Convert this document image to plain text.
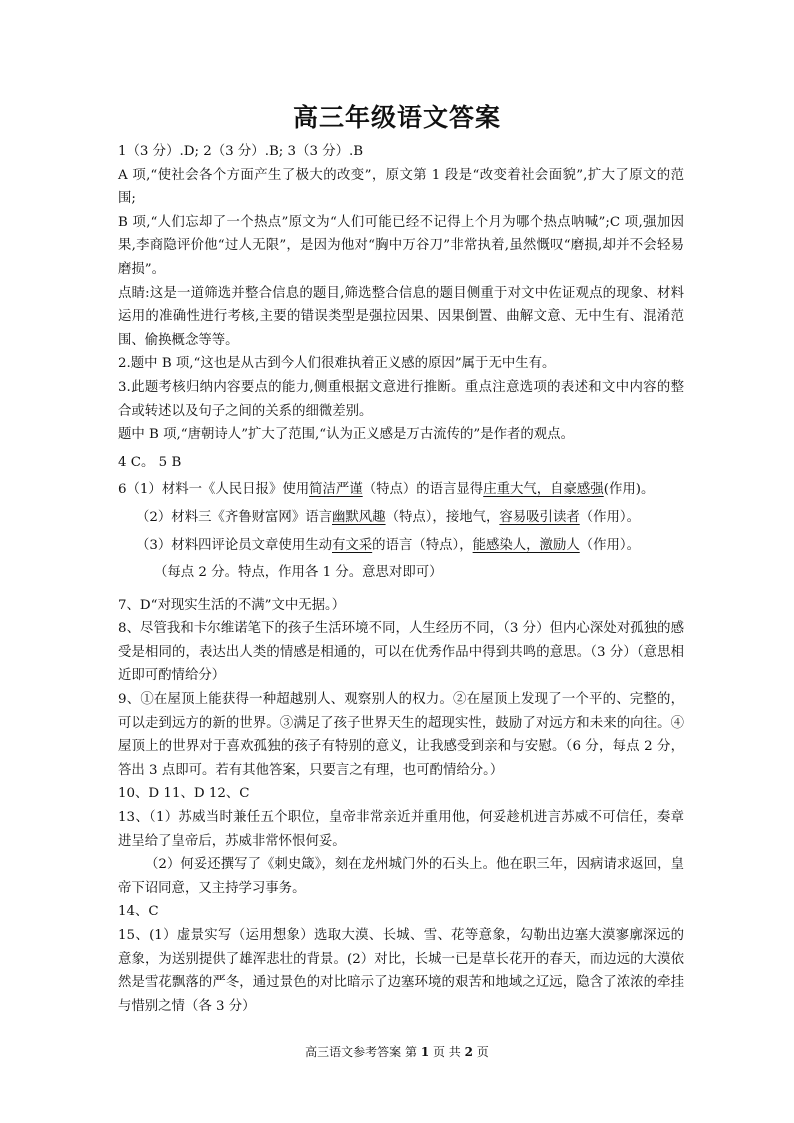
高三年级语文答案

1（3 分）.D; 2（3 分）.B; 3（3 分）.B

A 项,“使社会各个方面产生了极大的改变”，原文第 1 段是“改变着社会面貌”,扩大了原文的范围;

B 项,“人们忘却了一个热点”原文为“人们可能已经不记得上个月为哪个热点呐喊”;C 项,强加因果,李商隐评价他“过人无限”，是因为他对“胸中万谷刀”非常执着,虽然慨叹“磨损,却并不会轻易磨损”。

点睛:这是一道筛选并整合信息的题目,筛选整合信息的题目侧重于对文中佐证观点的现象、材料运用的准确性进行考核,主要的错误类型是强拉因果、因果倒置、曲解文意、无中生有、混淆范围、偷换概念等等。

2.题中 B 项,“这也是从古到今人们很难执着正义感的原因”属于无中生有。

3.此题考核归纳内容要点的能力,侧重根据文意进行推断。重点注意选项的表述和文中内容的整合或转述以及句子之间的关系的细微差别。

题中 B 项,“唐朝诗人”扩大了范围,“认为正义感是万古流传的”是作者的观点。

4 C。 5 B

6（1）材料一《人民日报》使用简洁严谨（特点）的语言显得庄重大气，自豪感强(作用)。

（2）材料三《齐鲁财富网》语言幽默风趣（特点），接地气，容易吸引读者（作用）。

（3）材料四评论员文章使用生动有文采的语言（特点），能感染人，激励人（作用）。

（每点 2 分。特点，作用各 1 分。意思对即可）

7、D“对现实生活的不满”文中无据。）

8、尽管我和卡尔维诺笔下的孩子生活环境不同，人生经历不同，（3 分）但内心深处对孤独的感受是相同的，表达出人类的情感是相通的，可以在优秀作品中得到共鸣的意思。（3 分）（意思相近即可酌情给分）

9、①在屋顶上能获得一种超越别人、观察别人的权力。②在屋顶上发现了一个平的、完整的，可以走到远方的新的世界。③满足了孩子世界天生的超现实性，鼓励了对远方和未来的向往。④屋顶上的世界对于喜欢孤独的孩子有特别的意义，让我感受到亲和与安慰。（6 分，每点 2 分，答出 3 点即可。若有其他答案，只要言之有理，也可酌情给分。）

10、D 11、D 12、C

13、（1）苏威当时兼任五个职位，皇帝非常亲近并重用他，何妥趁机进言苏威不可信任，奏章进呈给了皇帝后，苏威非常怀恨何妥。

（2）何妥还撰写了《刺史箴》，刻在龙州城门外的石头上。他在职三年，因病请求返回，皇帝下诏同意，又主持学习事务。

14、C

15、(1）虚景实写（运用想象）选取大漠、长城、雪、花等意象，勾勒出边塞大漠寥廓深远的意象，为送别提供了雄浑悲壮的背景。(2）对比，长城一已是草长花开的春天，而边远的大漠依然是雪花飘落的严冬，通过景色的对比暗示了边塞环境的艰苦和地域之辽远，隐含了浓浓的牵挂与惜别之情（各 3 分）

高三语文参考答案 第 1 页 共 2 页
